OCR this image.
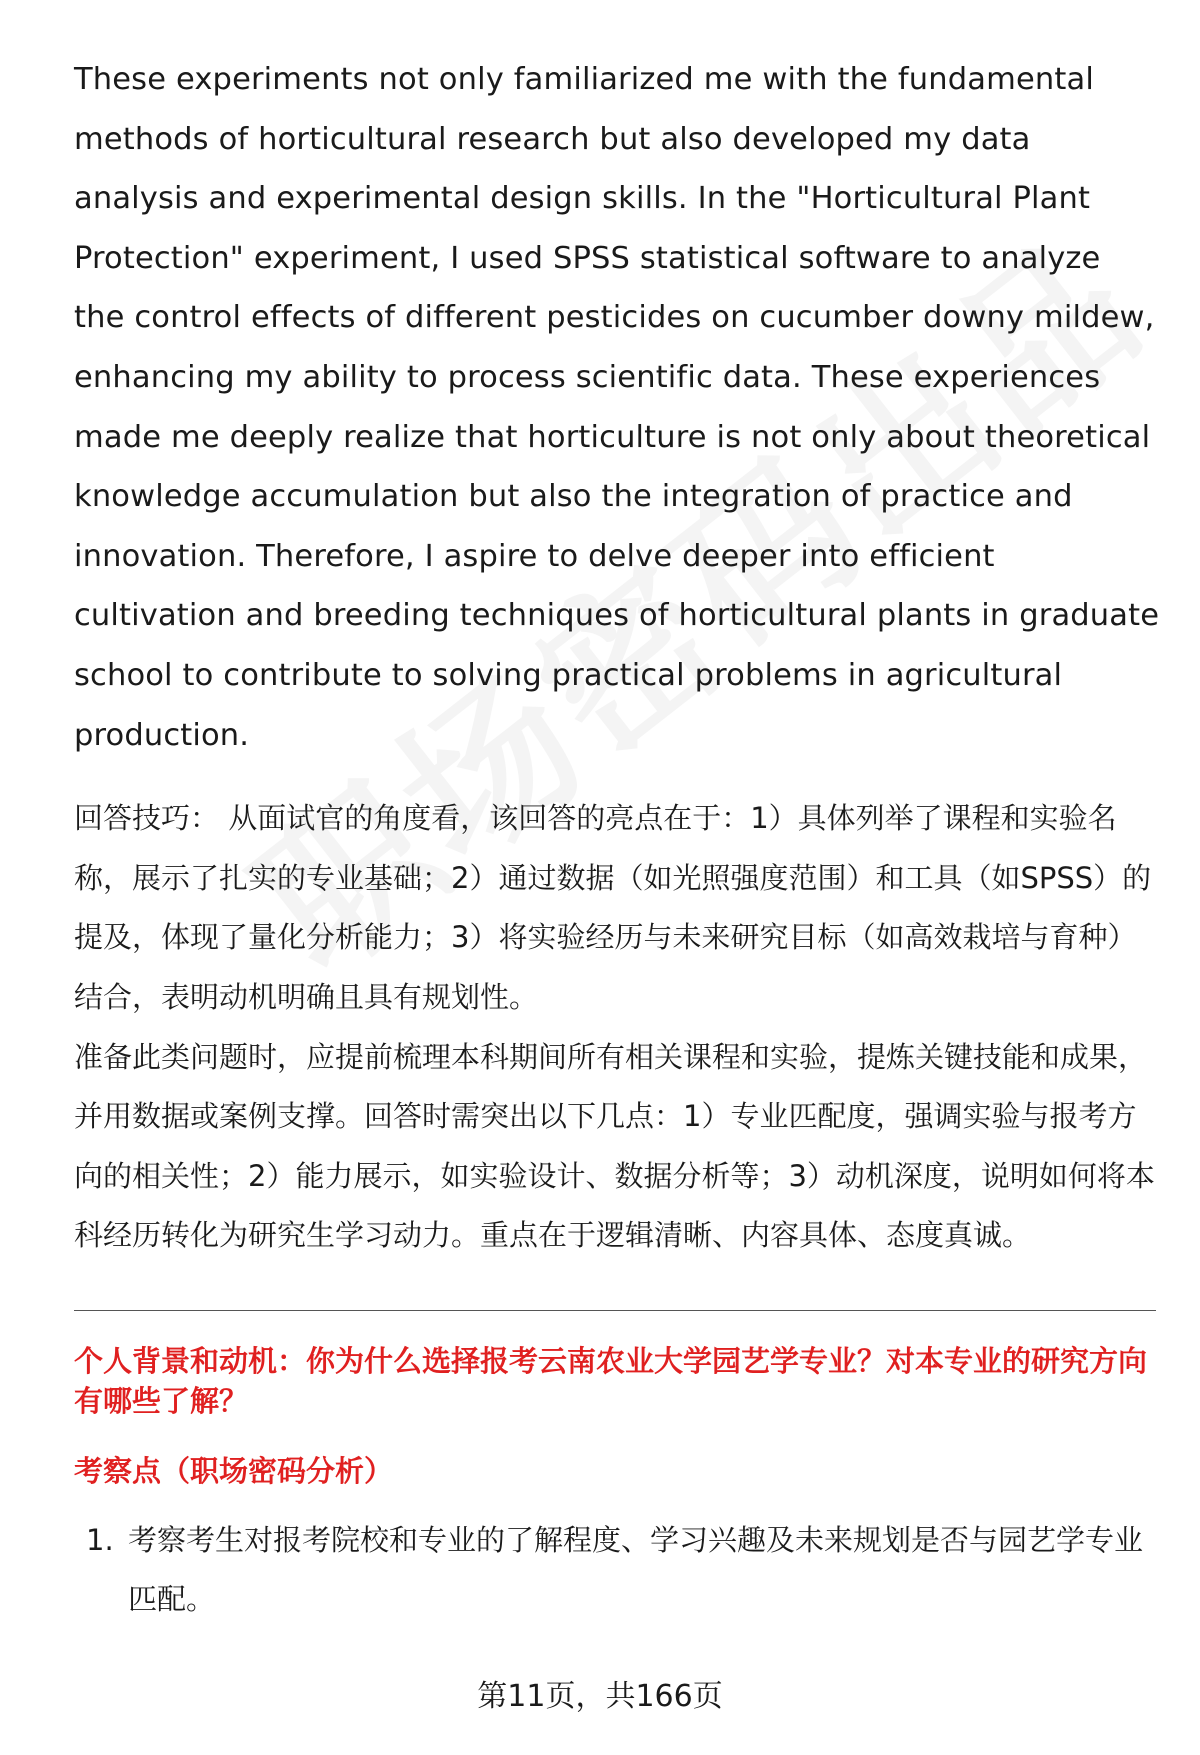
These experiments not only familiarized me with the fundamental methods of horticultural research but also developed my data analysis and experimental design skills. In the "Horticultural Plant Protection" experiment, I used SPSS statistical software to analyze the control effects of different pesticides on cucumber downy mildew, enhancing my ability to process scientific data. These experiences made me deeply realize that horticulture is not only about theoretical knowledge accumulation but also the integration of practice and innovation. Therefore, I aspire to delve deeper into efficient cultivation and breeding techniques of horticultural plants in graduate school to contribute to solving practical problems in agricultural production.

回答技巧： 从面试官的角度看，该回答的亮点在于：1）具体列举了课程和实验名称，展示了扎实的专业基础；2）通过数据（如光照强度范围）和工具（如SPSS）的提及，体现了量化分析能力；3）将实验经历与未来研究目标（如高效栽培与育种）结合，表明动机明确且具有规划性。

准备此类问题时，应提前梳理本科期间所有相关课程和实验，提炼关键技能和成果，并用数据或案例支撑。回答时需突出以下几点：1）专业匹配度，强调实验与报考方向的相关性；2）能力展示，如实验设计、数据分析等；3）动机深度，说明如何将本科经历转化为研究生学习动力。重点在于逻辑清晰、内容具体、态度真诚。

个人背景和动机：你为什么选择报考云南农业大学园艺学专业？对本专业的研究方向有哪些了解？

考察点（职场密码分析）

1. 考察考生对报考院校和专业的了解程度、学习兴趣及未来规划是否与园艺学专业匹配。
第11页，共166页
